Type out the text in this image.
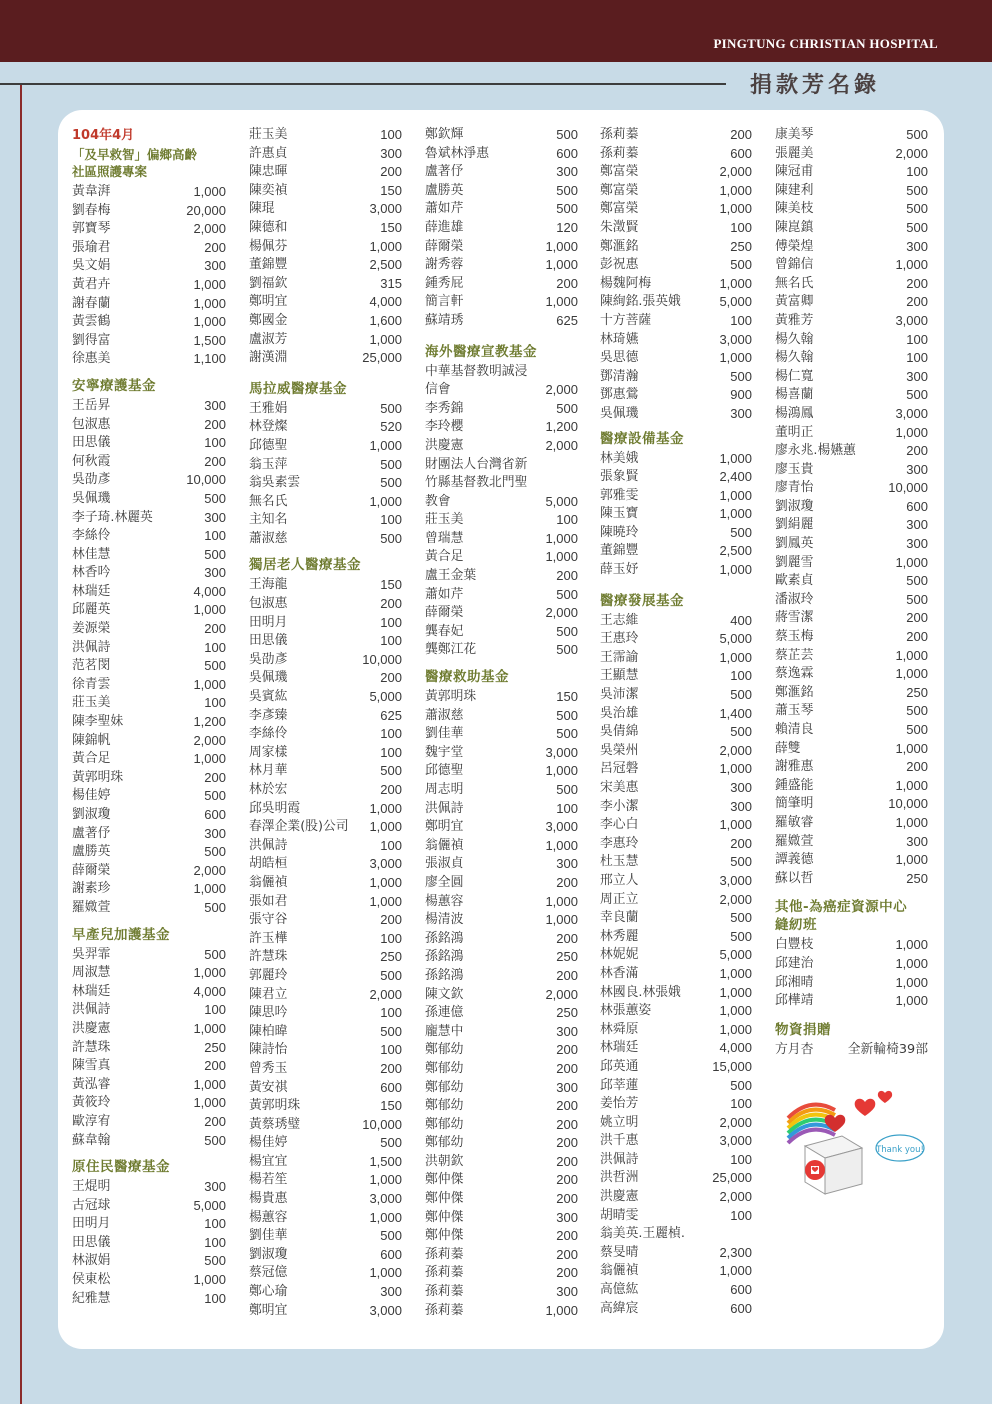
PINGTUNG CHRISTIAN HOSPITAL
捐款芳名錄
104年4月
「及早救智」偏鄉高齡
社區照護專案
黃韋湃	1,000
劉春梅	20,000
郭寶琴	2,000
張瑜君	200
吳文娟	300
黃君卉	1,000
謝春蘭	1,000
黃雲鶴	1,000
劉得富	1,500
徐惠美	1,100
安寧療護基金
王岳昇	300
包淑惠	200
田思儀	100
何秋霞	200
吳劭彥	10,000
吳佩璣	500
李子琦.林麗英	300
李絲伶	100
林佳慧	500
林香吟	300
林瑞廷	4,000
邱麗英	1,000
姜源榮	200
洪佩詩	100
范茗閔	500
徐青雲	1,000
莊玉美	100
陳李聖妹	1,200
陳錦帆	2,000
黃合足	1,000
黃郭明珠	200
楊佳婷	500
劉淑瓊	600
盧著伃	300
盧勝英	500
薛爾榮	2,000
謝素珍	1,000
羅媺萱	500
早產兒加護基金
吳羿霏	500
周淑慧	1,000
林瑞廷	4,000
洪佩詩	100
洪慶憲	1,000
許慧珠	250
陳雪真	200
黃泓睿	1,000
黃筱玲	1,000
歐淳宥	200
蘇韋翰	500
原住民醫療基金
王焜明	300
古冠球	5,000
田明月	100
田思儀	100
林淑娟	500
侯東松	1,000
紀雅慧	100
莊玉美	100
許惠貞	300
陳忠暉	200
陳奕禎	150
陳琨	3,000
陳德和	150
楊佩芬	1,000
董錦豐	2,500
劉福欽	315
鄭明宜	4,000
鄭國金	1,600
盧淑芳	1,000
謝漢淵	25,000
馬拉威醫療基金
王雅娟	500
林登燦	520
邱德聖	1,000
翁玉萍	500
翁吳素雲	500
無名氏	1,000
主知名	100
蕭淑慈	500
獨居老人醫療基金
王海龍	150
包淑惠	200
田明月	100
田思儀	100
吳劭彥	10,000
吳佩璣	200
吳賓紘	5,000
李彥臻	625
李絲伶	100
周家樣	100
林月華	500
林於宏	200
邱吳明霞	1,000
春澤企業(股)公司 1,000
洪佩詩	100
胡皓桓	3,000
翁儷禎	1,000
張如君	1,000
張守谷	200
許玉樺	100
許慧珠	250
郭麗玲	500
陳君立	2,000
陳思吟	100
陳柏暐	500
陳詩怡	100
曾秀玉	200
黃安祺	600
黃郭明珠	150
黃蔡琇璧	10,000
楊佳婷	500
楊宜宜	1,500
楊若笙	1,000
楊貴惠	3,000
楊蕙容	1,000
劉佳華	500
劉淑瓊	600
蔡冠億	1,000
鄭心瑜	300
鄭明宜	3,000
鄭欽輝	500
魯斌林淨惠	600
盧著伃	300
盧勝英	500
蕭如芹	500
薛進雄	120
薛爾榮	1,000
謝秀蓉	1,000
鍾秀屁	200
簡言軒	1,000
蘇靖琇	625
海外醫療宣教基金
中華基督教明誠浸
信會	2,000
李秀錦	500
李玲櫻	1,200
洪慶憲	2,000
財團法人台灣省新
竹縣基督教北門聖
教會	5,000
莊玉美	100
曾瑞慧	1,000
黃合足	1,000
盧王金葉	200
蕭如芹	500
薛爾榮	2,000
龔春妃	500
龔鄭江花	500
醫療救助基金
黃郭明珠	150
蕭淑慈	500
劉佳華	500
魏宇堂	3,000
邱德聖	1,000
周志明	500
洪佩詩	100
鄭明宜	3,000
翁儷禎	1,000
張淑貞	300
廖全圓	200
楊蕙容	1,000
楊清波	1,000
孫銘鴻	200
孫銘鴻	250
孫銘鴻	200
陳文欽	2,000
孫連億	250
龐慧中	300
鄭郁幼	200
鄭郁幼	200
鄭郁幼	300
鄭郁幼	200
鄭郁幼	200
鄭郁幼	200
洪朝欽	200
鄭仲傑	200
鄭仲傑	200
鄭仲傑	300
鄭仲傑	200
孫莉蓁	200
孫莉蓁	200
孫莉蓁	300
孫莉蓁	1,000
孫莉蓁	200
孫莉蓁	600
鄭富榮	2,000
鄭富榮	1,000
鄭富榮	1,000
朱澂賢	100
鄭滙銘	250
彭祝惠	500
楊魏阿梅	1,000
陳絢銘.張英娥	5,000
十方菩薩	100
林琦嬿	3,000
吳思德	1,000
鄧清瀚	500
鄧惠鶯	900
吳佩璣	300
醫療設備基金
林美娥	1,000
張象賢	2,400
郭雅雯	1,000
陳玉寶	1,000
陳曉玲	500
董錦豐	2,500
薛玉妤	1,000
醫療發展基金
王志維	400
王惠玲	5,000
王霈諭	1,000
王顯慧	100
吳沛潔	500
吳治雄	1,400
吳倩綿	500
吳榮州	2,000
呂冠磐	1,000
宋美惠	300
李小潔	300
李心白	1,000
李惠玲	200
杜玉慧	500
邢立人	3,000
周正立	2,000
幸良蘭	500
林秀麗	500
林妮妮	5,000
林香滿	1,000
林國良.林張娥	1,000
林張蕙姿	1,000
林舜原	1,000
林瑞廷	4,000
邱英通	15,000
邱莘蓮	500
姜怡芳	100
姚立明	2,000
洪千惠	3,000
洪佩詩	100
洪哲洲	25,000
洪慶憲	2,000
胡晴雯	100
翁美英.王麗楨.
蔡旻晴	2,300
翁儷禎	1,000
高億紘	600
高緯宸	600
康美琴	500
張麗美	2,000
陳冠甫	100
陳建利	500
陳美枝	500
陳崑鎮	500
傅榮煌	300
曾錦信	1,000
無名氏	200
黃富卿	200
黃雅芳	3,000
楊久翰	100
楊久翰	100
楊仁寬	300
楊喜蘭	500
楊鴻鳳	3,000
董明正	1,000
廖永兆.楊嬿蕙	200
廖玉貴	300
廖青怡	10,000
劉淑瓊	600
劉絹麗	300
劉鳳英	300
劉麗雪	1,000
歐素貞	500
潘淑玲	500
蔣雪潔	200
蔡玉梅	200
蔡芷芸	1,000
蔡逸霖	1,000
鄭滙銘	250
蕭玉琴	500
賴清良	500
薛雙	1,000
謝雅惠	200
鍾盛能	1,000
簡肇明	10,000
羅敏睿	1,000
羅媺萱	300
譚義德	1,000
蘇以哲	250
其他-為癌症資源中心
縫紉班
白豐枝	1,000
邱建治	1,000
邱湘晴	1,000
邱樺靖	1,000
物資捐贈
方月杏	全新輪椅39部
Thank you!
